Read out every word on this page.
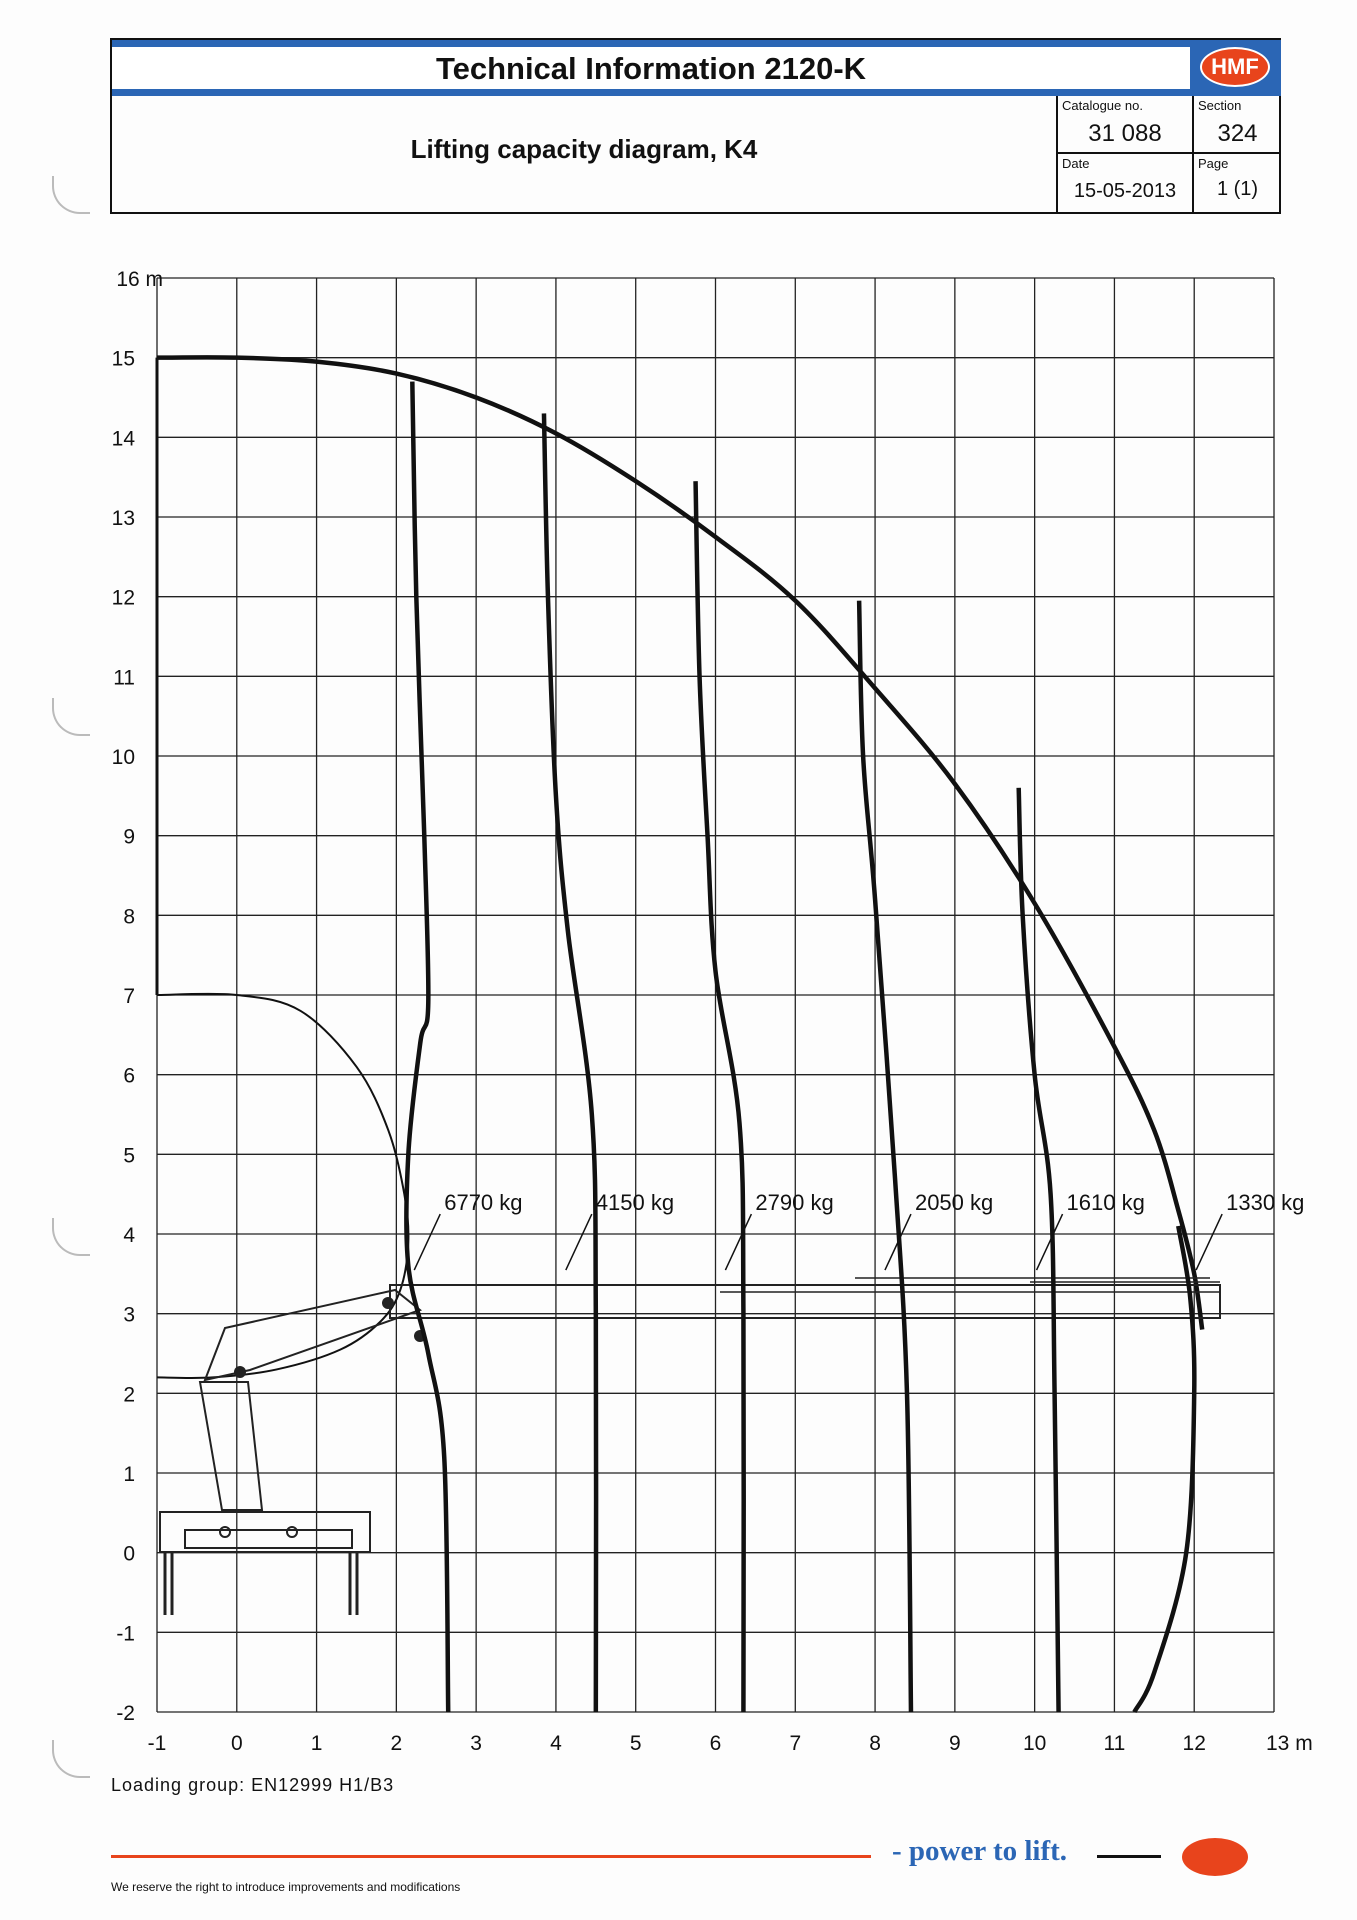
Technical Information 2120-K	HMF
Lifting capacity diagram, K4
Catalogue no.
31 088
Section
324
Date
15-05-2013
Page
1 (1)
-1	0	1	2	3	4	5	6	7	8	9	10	11	12	13 m
-2
-1
0
1
2
3
4
5
6
7
8
9
10
11
12
13
14
15
16 m
6770 kg	4150 kg	2790 kg	2050 kg	1610 kg	1330 kg
Loading group: EN12999 H1/B3
- power to lift.
We reserve the right to introduce improvements and modifications
